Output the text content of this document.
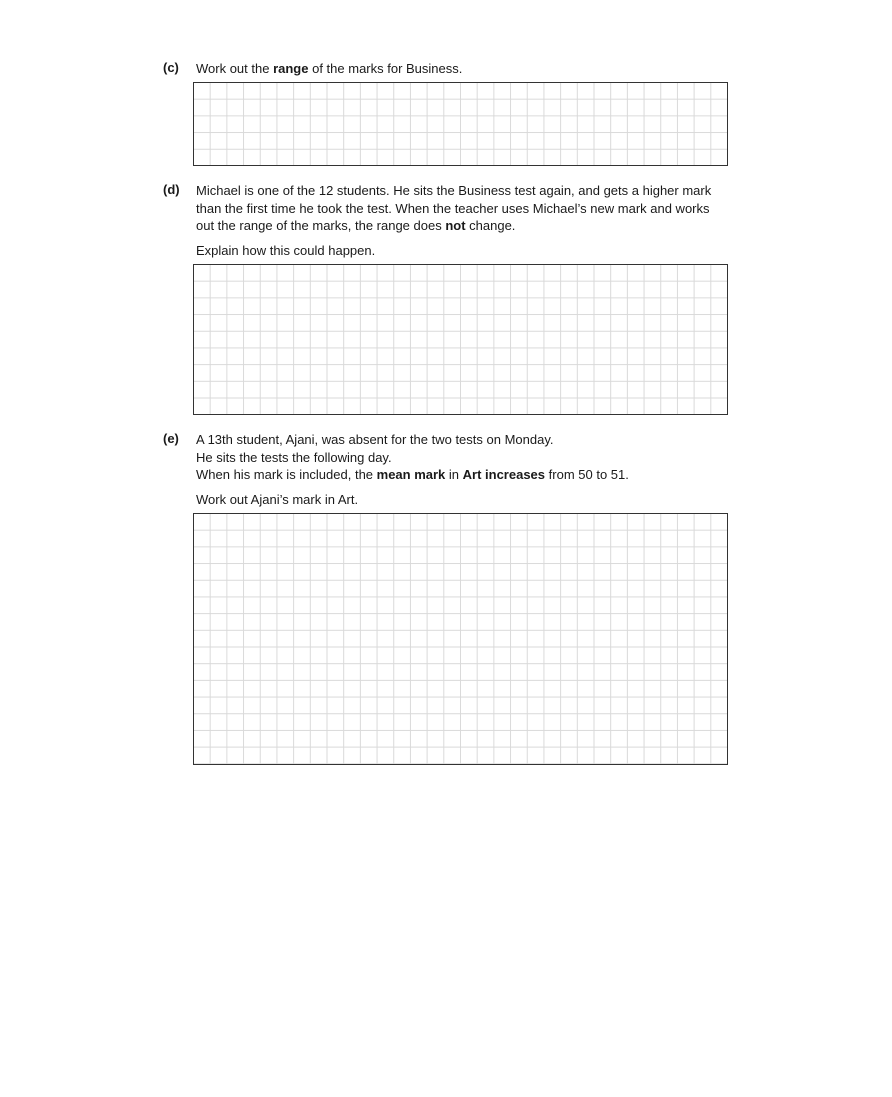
(c) Work out the range of the marks for Business.
(d) Michael is one of the 12 students. He sits the Business test again, and gets a higher mark
than the first time he took the test. When the teacher uses Michael’s new mark and works
out the range of the marks, the range does not change.
Explain how this could happen.
(e) A 13th student, Ajani, was absent for the two tests on Monday.
He sits the tests the following day.
When his mark is included, the mean mark in Art increases from 50 to 51.
Work out Ajani’s mark in Art.
